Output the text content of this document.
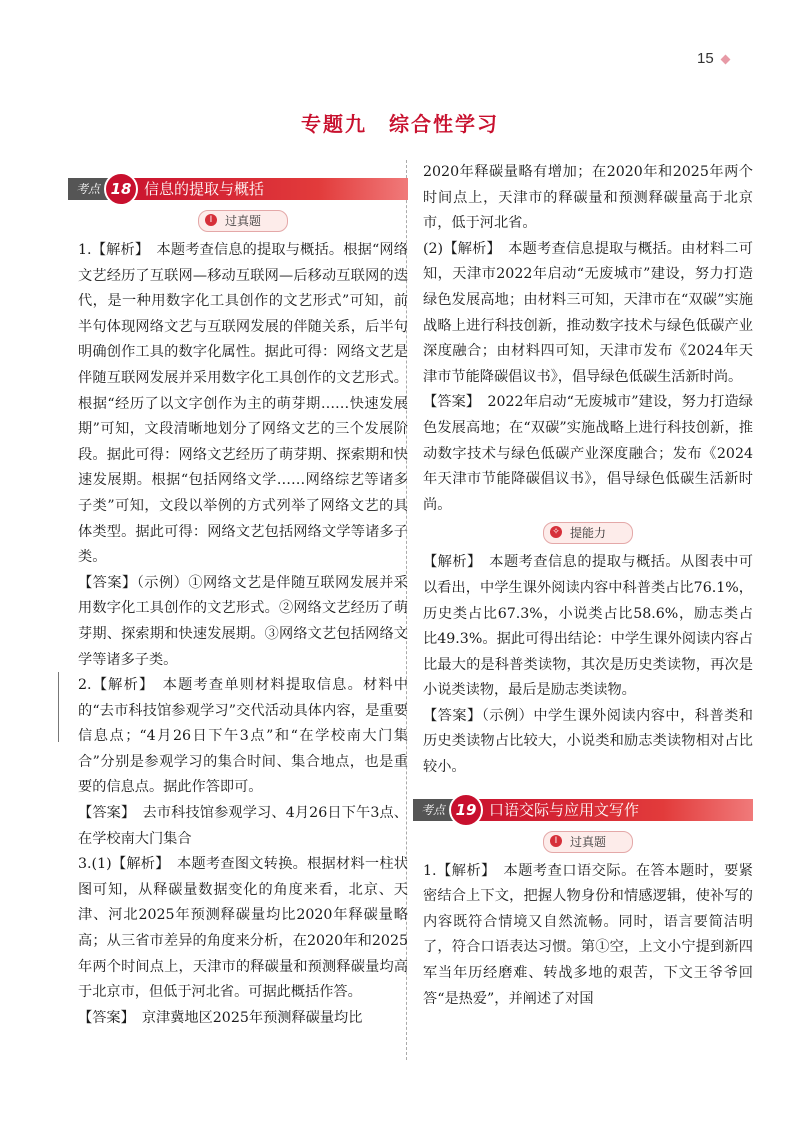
15
专题九　综合性学习
考点 18 信息的提取与概括
Ⅰ	过真题

1.【解析】　本题考查信息的提取与概括。根据“网络文艺经历了互联网—移动互联网—后移动互联网的迭代，是一种用数字化工具创作的文艺形式”可知，前半句体现网络文艺与互联网发展的伴随关系，后半句明确创作工具的数字化属性。据此可得：网络文艺是伴随互联网发展并采用数字化工具创作的文艺形式。根据“经历了以文字创作为主的萌芽期……快速发展期”可知，文段清晰地划分了网络文艺的三个发展阶段。据此可得：网络文艺经历了萌芽期、探索期和快速发展期。根据“包括网络文学……网络综艺等诸多子类”可知，文段以举例的方式列举了网络文艺的具体类型。据此可得：网络文艺包括网络文学等诸多子类。

【答案】（示例）①网络文艺是伴随互联网发展并采用数字化工具创作的文艺形式。②网络文艺经历了萌芽期、探索期和快速发展期。③网络文艺包括网络文学等诸多子类。

2.【解析】　本题考查单则材料提取信息。材料中的“去市科技馆参观学习”交代活动具体内容，是重要信息点；“4月26日下午3点”和“在学校南大门集合”分别是参观学习的集合时间、集合地点，也是重要的信息点。据此作答即可。

【答案】　去市科技馆参观学习、4月26日下午3点、在学校南大门集合

3.(1)【解析】　本题考查图文转换。根据材料一柱状图可知，从释碳量数据变化的角度来看，北京、天津、河北2025年预测释碳量均比2020年释碳量略高；从三省市差异的角度来分析，在2020年和2025年两个时间点上，天津市的释碳量和预测释碳量均高于北京市，但低于河北省。可据此概括作答。

【答案】　京津冀地区2025年预测释碳量均比

2020年释碳量略有增加；在2020年和2025年两个时间点上，天津市的释碳量和预测释碳量高于北京市，低于河北省。

(2)【解析】　本题考查信息提取与概括。由材料二可知，天津市2022年启动“无废城市”建设，努力打造绿色发展高地；由材料三可知，天津市在“双碳”实施战略上进行科技创新，推动数字技术与绿色低碳产业深度融合；由材料四可知，天津市发布《2024年天津市节能降碳倡议书》，倡导绿色低碳生活新时尚。

【答案】　2022年启动“无废城市”建设，努力打造绿色发展高地；在“双碳”实施战略上进行科技创新，推动数字技术与绿色低碳产业深度融合；发布《2024年天津市节能降碳倡议书》，倡导绿色低碳生活新时尚。

✧ 提能力

【解析】　本题考查信息的提取与概括。从图表中可以看出，中学生课外阅读内容中科普类占比76.1%，历史类占比67.3%，小说类占比58.6%，励志类占比49.3%。据此可得出结论：中学生课外阅读内容占比最大的是科普类读物，其次是历史类读物，再次是小说类读物，最后是励志类读物。

【答案】（示例）中学生课外阅读内容中，科普类和历史类读物占比较大，小说类和励志类读物相对占比较小。

考点 19 口语交际与应用文写作
Ⅰ	过真题

1.【解析】　本题考查口语交际。在答本题时，要紧密结合上下文，把握人物身份和情感逻辑，使补写的内容既符合情境又自然流畅。同时，语言要简洁明了，符合口语表达习惯。第①空，上文小宁提到新四军当年历经磨难、转战多地的艰苦，下文王爷爷回答“是热爱”，并阐述了对国
